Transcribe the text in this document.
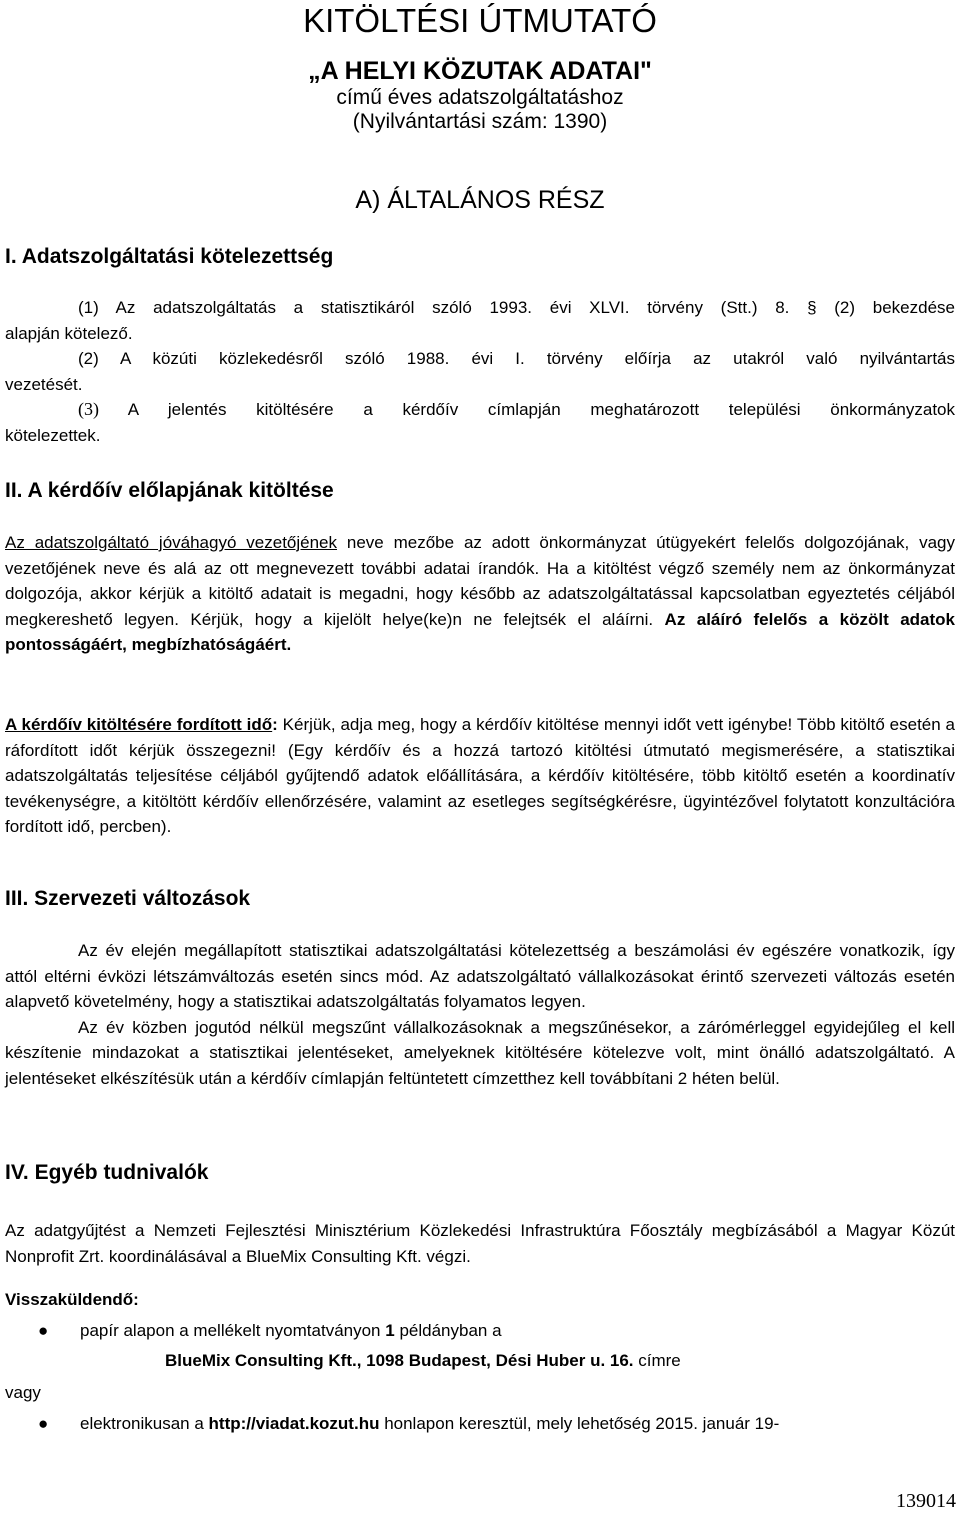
KITÖLTÉSI ÚTMUTATÓ
„A HELYI KÖZUTAK ADATAI"
című éves adatszolgáltatáshoz
(Nyilvántartási szám: 1390)
A) ÁLTALÁNOS RÉSZ
I. Adatszolgáltatási kötelezettség

(1) Az adatszolgáltatás a statisztikáról szóló 1993. évi XLVI. törvény (Stt.) 8. § (2) bekezdése

alapján kötelező.

(2) A közúti közlekedésről szóló 1988. évi I. törvény előírja az utakról való nyilvántartás

vezetését.

(3) A jelentés kitöltésére a kérdőív címlapján meghatározott települési önkormányzatok

kötelezettek.

II. A kérdőív előlapjának kitöltése

Az adatszolgáltató jóváhagyó vezetőjének neve mezőbe az adott önkormányzat útügyekért felelős dolgozójának, vagy vezetőjének neve és alá az ott megnevezett további adatai írandók. Ha a kitöltést végző személy nem az önkormányzat dolgozója, akkor kérjük a kitöltő adatait is megadni, hogy később az adatszolgáltatással kapcsolatban egyeztetés céljából megkereshető legyen. Kérjük, hogy a kijelölt helye(ke)n ne felejtsék el aláírni. Az aláíró felelős a közölt adatok pontosságáért, megbízhatóságáért.

A kérdőív kitöltésére fordított idő: Kérjük, adja meg, hogy a kérdőív kitöltése mennyi időt vett igénybe! Több kitöltő esetén a ráfordított időt kérjük összegezni! (Egy kérdőív és a hozzá tartozó kitöltési útmutató megismerésére, a statisztikai adatszolgáltatás teljesítése céljából gyűjtendő adatok előállítására, a kérdőív kitöltésére, több kitöltő esetén a koordinatív tevékenységre, a kitöltött kérdőív ellenőrzésére, valamint az esetleges segítségkérésre, ügyintézővel folytatott konzultációra fordított idő, percben).

III. Szervezeti változások

Az év elején megállapított statisztikai adatszolgáltatási kötelezettség a beszámolási év egészére vonatkozik, így attól eltérni évközi létszámváltozás esetén sincs mód. Az adatszolgáltató vállalkozásokat érintő szervezeti változás esetén alapvető követelmény, hogy a statisztikai adatszolgáltatás folyamatos legyen.

Az év közben jogutód nélkül megszűnt vállalkozásoknak a megszűnésekor, a zárómérleggel egyidejűleg el kell készítenie mindazokat a statisztikai jelentéseket, amelyeknek kitöltésére kötelezve volt, mint önálló adatszolgáltató. A jelentéseket elkészítésük után a kérdőív címlapján feltüntetett címzetthez kell továbbítani 2 héten belül.

IV. Egyéb tudnivalók

Az adatgyűjtést a Nemzeti Fejlesztési Minisztérium Közlekedési Infrastruktúra Főosztály megbízásából a Magyar Közút Nonprofit Zrt. koordinálásával a BlueMix Consulting Kft. végzi.

Visszaküldendő:
● papír alapon a mellékelt nyomtatványon 1 példányban a
BlueMix Consulting Kft., 1098 Budapest, Dési Huber u. 16. címre
vagy
● elektronikusan a http://viadat.kozut.hu honlapon keresztül, mely lehetőség 2015. január 19-
139014
